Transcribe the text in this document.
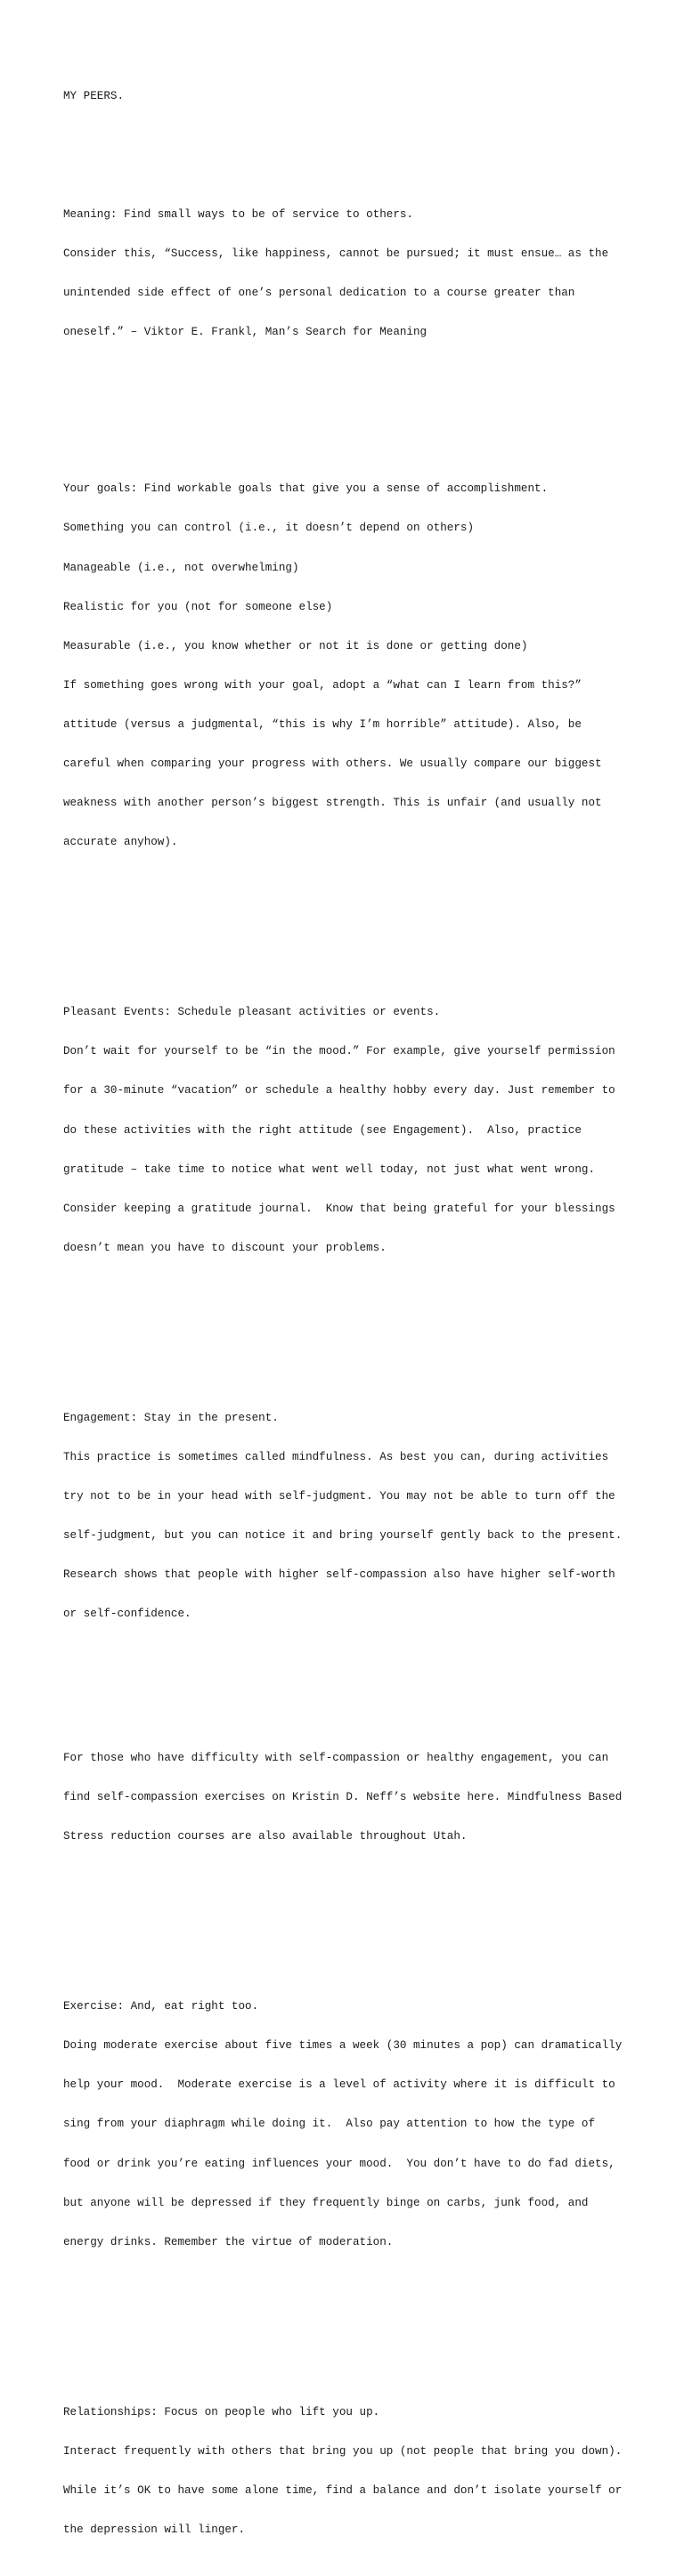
MY PEERS.

Meaning: Find small ways to be of service to others.

Consider this, “Success, like happiness, cannot be pursued; it must ensue… as the

unintended side effect of one’s personal dedication to a course greater than

oneself.” – Viktor E. Frankl, Man’s Search for Meaning

Your goals: Find workable goals that give you a sense of accomplishment.

Something you can control (i.e., it doesn’t depend on others)

Manageable (i.e., not overwhelming)

Realistic for you (not for someone else)

Measurable (i.e., you know whether or not it is done or getting done)

If something goes wrong with your goal, adopt a “what can I learn from this?”

attitude (versus a judgmental, “this is why I’m horrible” attitude). Also, be

careful when comparing your progress with others. We usually compare our biggest

weakness with another person’s biggest strength. This is unfair (and usually not

accurate anyhow).

Pleasant Events: Schedule pleasant activities or events.

Don’t wait for yourself to be “in the mood.” For example, give yourself permission

for a 30-minute “vacation” or schedule a healthy hobby every day. Just remember to

do these activities with the right attitude (see Engagement).  Also, practice

gratitude – take time to notice what went well today, not just what went wrong.

Consider keeping a gratitude journal.  Know that being grateful for your blessings

doesn’t mean you have to discount your problems.

Engagement: Stay in the present.

This practice is sometimes called mindfulness. As best you can, during activities

try not to be in your head with self-judgment. You may not be able to turn off the

self-judgment, but you can notice it and bring yourself gently back to the present.

Research shows that people with higher self-compassion also have higher self-worth

or self-confidence.

For those who have difficulty with self-compassion or healthy engagement, you can

find self-compassion exercises on Kristin D. Neff’s website here. Mindfulness Based

Stress reduction courses are also available throughout Utah.

Exercise: And, eat right too.

Doing moderate exercise about five times a week (30 minutes a pop) can dramatically

help your mood.  Moderate exercise is a level of activity where it is difficult to

sing from your diaphragm while doing it.  Also pay attention to how the type of

food or drink you’re eating influences your mood.  You don’t have to do fad diets,

but anyone will be depressed if they frequently binge on carbs, junk food, and

energy drinks. Remember the virtue of moderation.

Relationships: Focus on people who lift you up.

Interact frequently with others that bring you up (not people that bring you down).

While it’s OK to have some alone time, find a balance and don’t isolate yourself or

the depression will linger.
